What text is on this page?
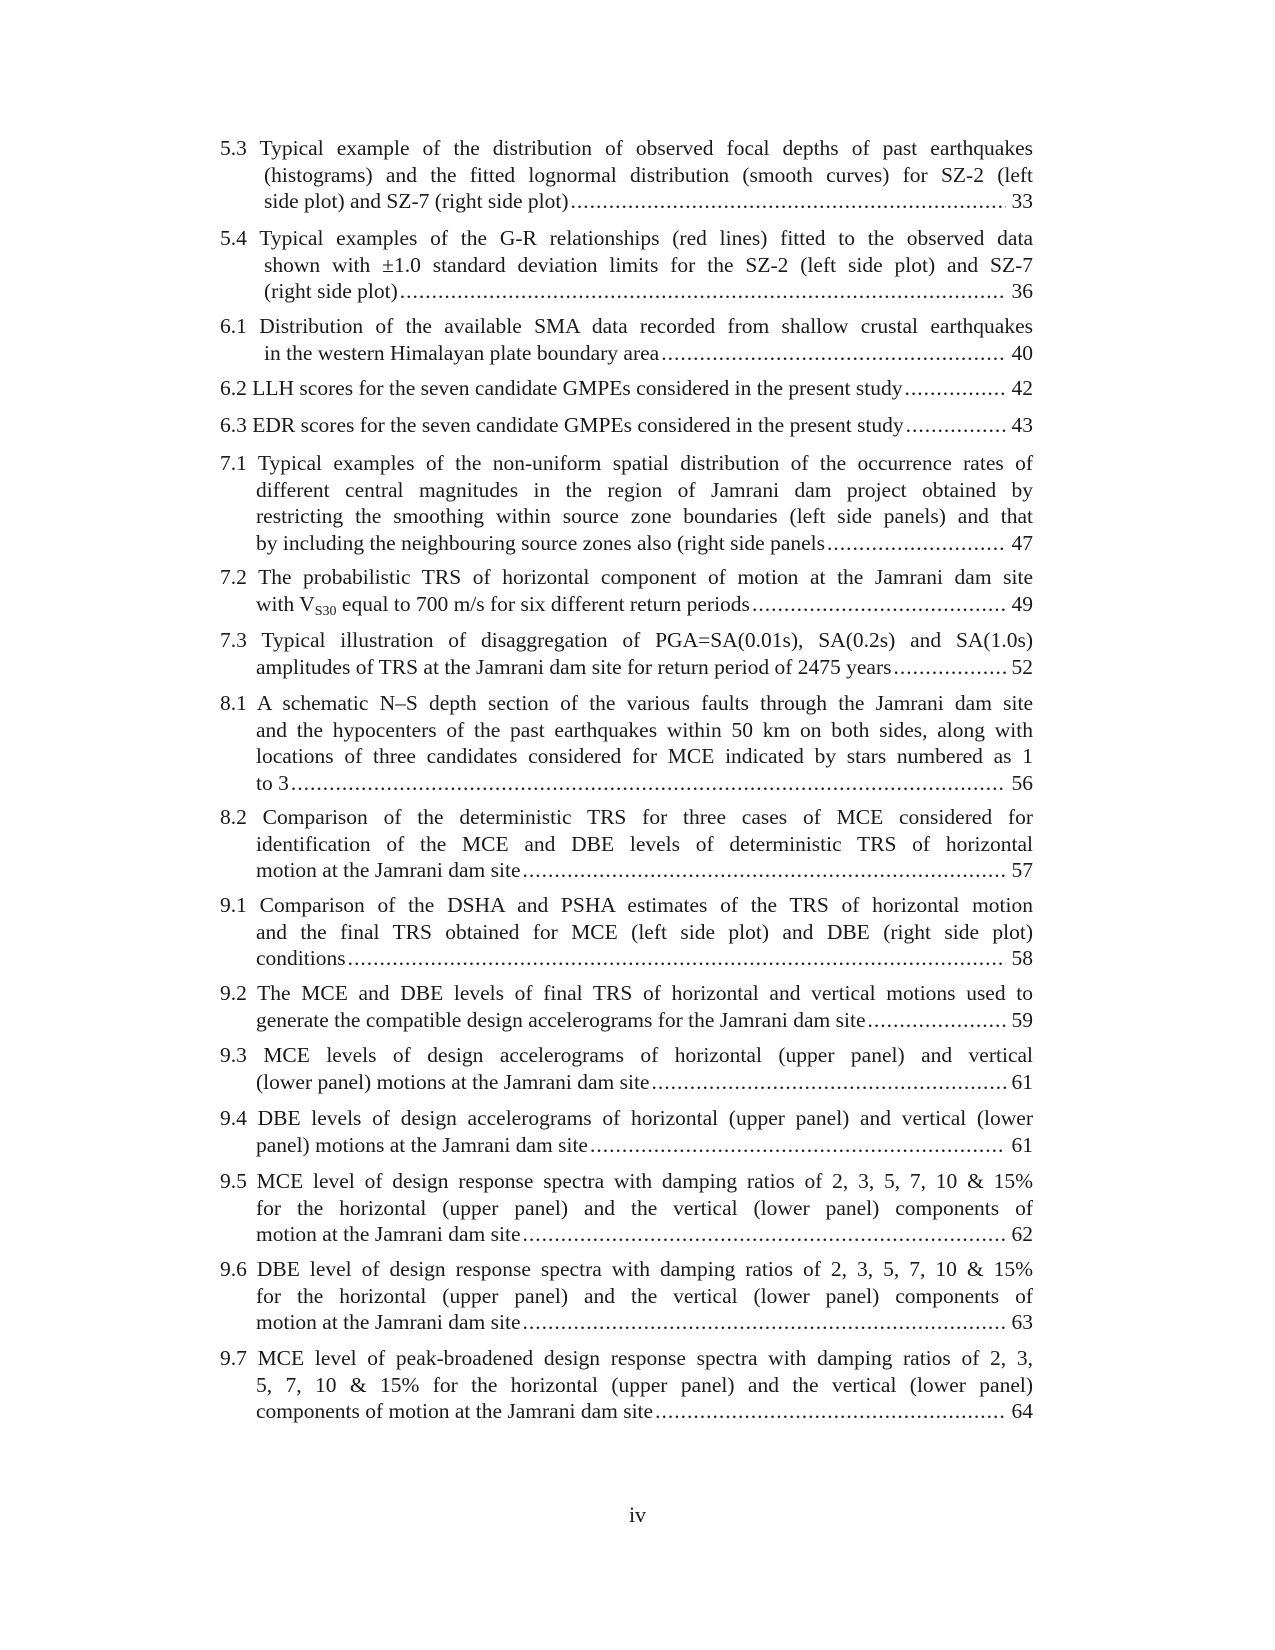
5.3 Typical example of the distribution of observed focal depths of past earthquakes
(histograms) and the fitted lognormal distribution (smooth curves) for SZ-2 (left
side plot) and SZ-7 (right side plot) .....	33
5.4 Typical examples of the G-R relationships (red lines) fitted to the observed data
shown with ±1.0 standard deviation limits for the SZ-2 (left side plot) and SZ-7
(right side plot) .....	36
6.1 Distribution of the available SMA data recorded from shallow crustal earthquakes
in the western Himalayan plate boundary area .....	40
6.2 LLH scores for the seven candidate GMPEs considered in the present study .....	42
6.3 EDR scores for the seven candidate GMPEs considered in the present study .....	43
7.1 Typical examples of the non-uniform spatial distribution of the occurrence rates of
different central magnitudes in the region of Jamrani dam project obtained by
restricting the smoothing within source zone boundaries (left side panels) and that
by including the neighbouring source zones also (right side panels .....	47
7.2 The probabilistic TRS of horizontal component of motion at the Jamrani dam site
with $V_{S30}$ equal to 700 m/s for six different return periods .....	49
7.3 Typical illustration of disaggregation of PGA=SA(0.01s), SA(0.2s) and SA(1.0s)
amplitudes of TRS at the Jamrani dam site for return period of 2475 years .....	52
8.1 A schematic N–S depth section of the various faults through the Jamrani dam site
and the hypocenters of the past earthquakes within 50 km on both sides, along with
locations of three candidates considered for MCE indicated by stars numbered as 1
to 3 .....	56
8.2 Comparison of the deterministic TRS for three cases of MCE considered for
identification of the MCE and DBE levels of deterministic TRS of horizontal
motion at the Jamrani dam site .....	57
9.1 Comparison of the DSHA and PSHA estimates of the TRS of horizontal motion
and the final TRS obtained for MCE (left side plot) and DBE (right side plot)
conditions .....	58
9.2 The MCE and DBE levels of final TRS of horizontal and vertical motions used to
generate the compatible design accelerograms for the Jamrani dam site .....	59
9.3 MCE levels of design accelerograms of horizontal (upper panel) and vertical
(lower panel) motions at the Jamrani dam site .....	61
9.4 DBE levels of design accelerograms of horizontal (upper panel) and vertical (lower
panel) motions at the Jamrani dam site .....	61
9.5 MCE level of design response spectra with damping ratios of 2, 3, 5, 7, 10 & 15%
for the horizontal (upper panel) and the vertical (lower panel) components of
motion at the Jamrani dam site .....	62
9.6 DBE level of design response spectra with damping ratios of 2, 3, 5, 7, 10 & 15%
for the horizontal (upper panel) and the vertical (lower panel) components of
motion at the Jamrani dam site .....	63
9.7 MCE level of peak-broadened design response spectra with damping ratios of 2, 3,
5, 7, 10 & 15% for the horizontal (upper panel) and the vertical (lower panel)
components of motion at the Jamrani dam site .....	64
iv
